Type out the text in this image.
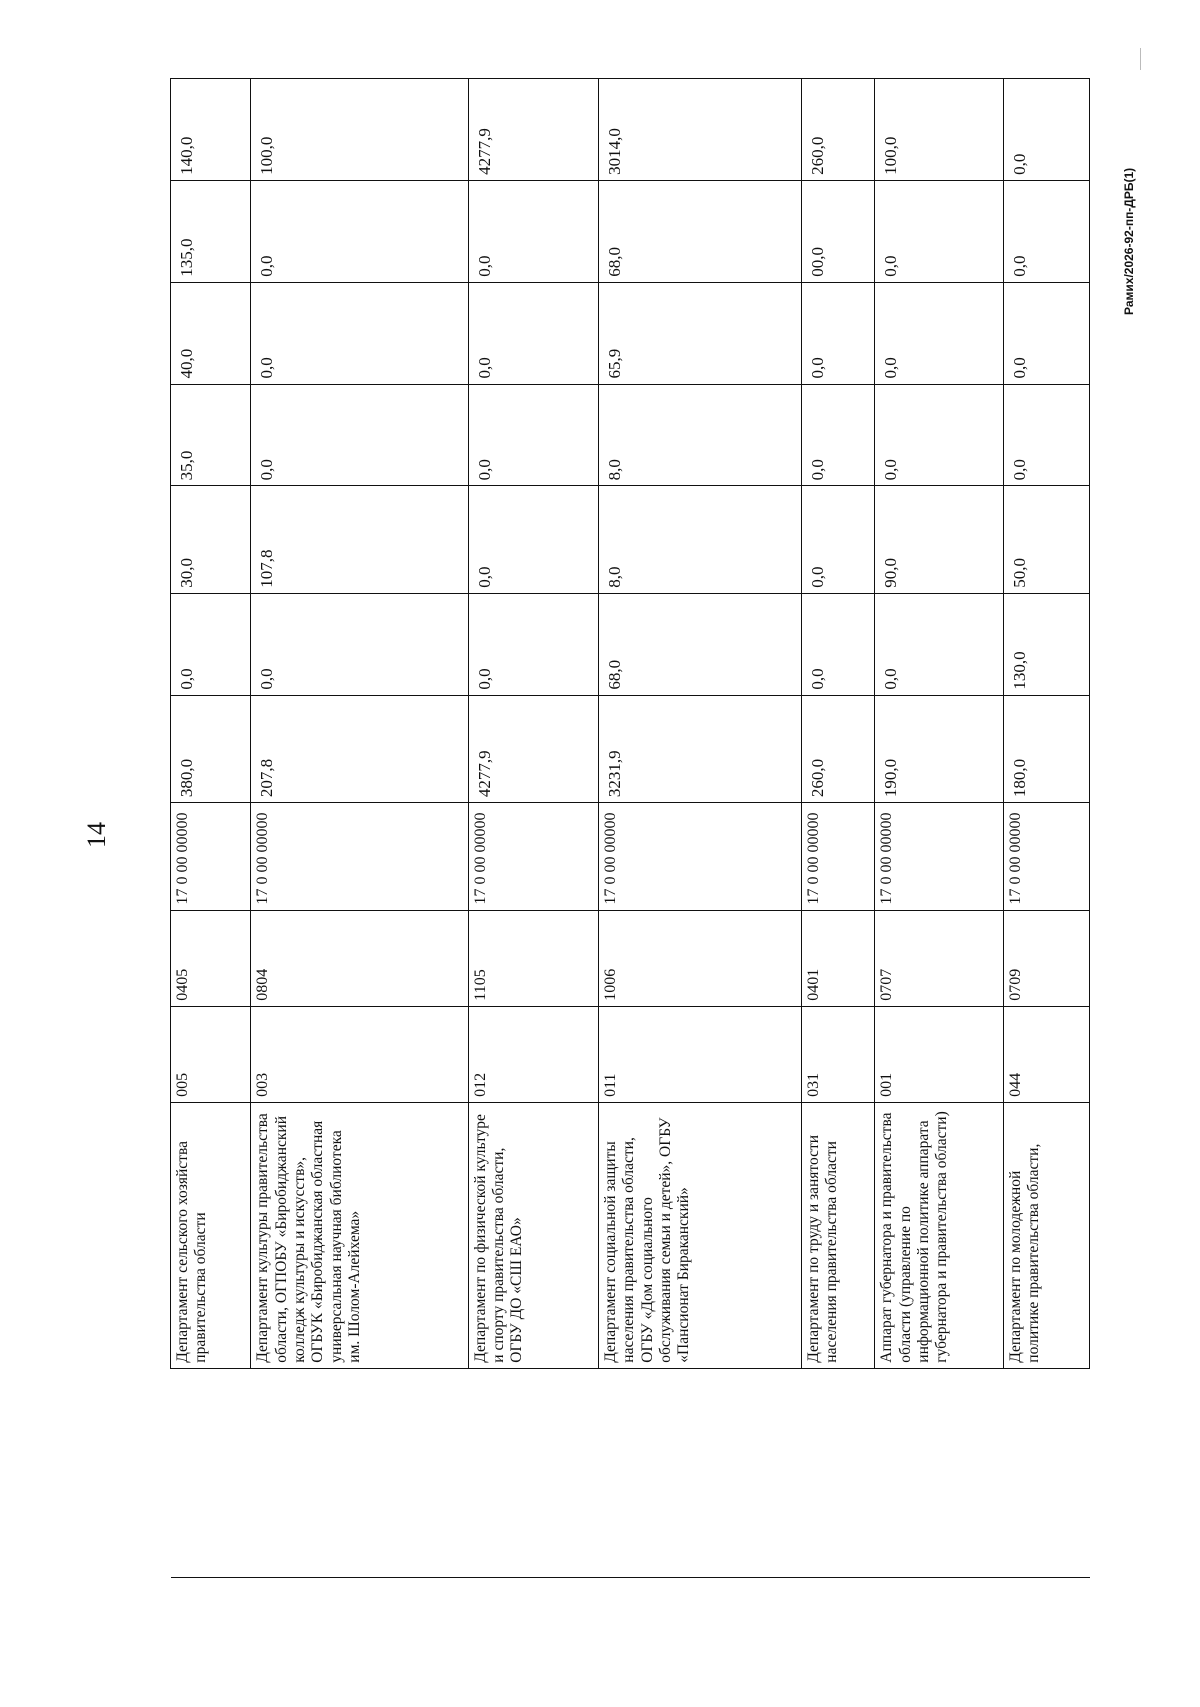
14
Рамих/2026-92-пп-ДРБ(1)
	Департамент сельского хозяйства правительства области	005	0405	17 0 00 00000	380,0	0,0	30,0	35,0	40,0	135,0	140,0
	Департамент культуры правительства области, ОГПОБУ «Биробиджанский колледж культуры и искусств», ОГБУК «Биробиджанская областная универсальная научная библиотека им. Шолом-Алейхема»	003	0804	17 0 00 00000	207,8	0,0	107,8	0,0	0,0	0,0	100,0
	Департамент по физической культуре и спорту правительства области, ОГБУ ДО «СШ ЕАО»	012	1105	17 0 00 00000	4277,9	0,0	0,0	0,0	0,0	0,0	4277,9
	Департамент социальной защиты населения правительства области, ОГБУ «Дом социального обслуживания семьи и детей», ОГБУ «Пансионат Бираканский»	011	1006	17 0 00 00000	3231,9	68,0	8,0	8,0	65,9	68,0	3014,0
	Департамент по труду и занятости населения правительства области	031	0401	17 0 00 00000	260,0	0,0	0,0	0,0	0,0	00,0	260,0
	Аппарат губернатора и правительства области (управление по информационной политике аппарата губернатора и правительства области)	001	0707	17 0 00 00000	190,0	0,0	90,0	0,0	0,0	0,0	100,0
	Департамент по молодежной политике правительства области,	044	0709	17 0 00 00000	180,0	130,0	50,0	0,0	0,0	0,0	0,0
